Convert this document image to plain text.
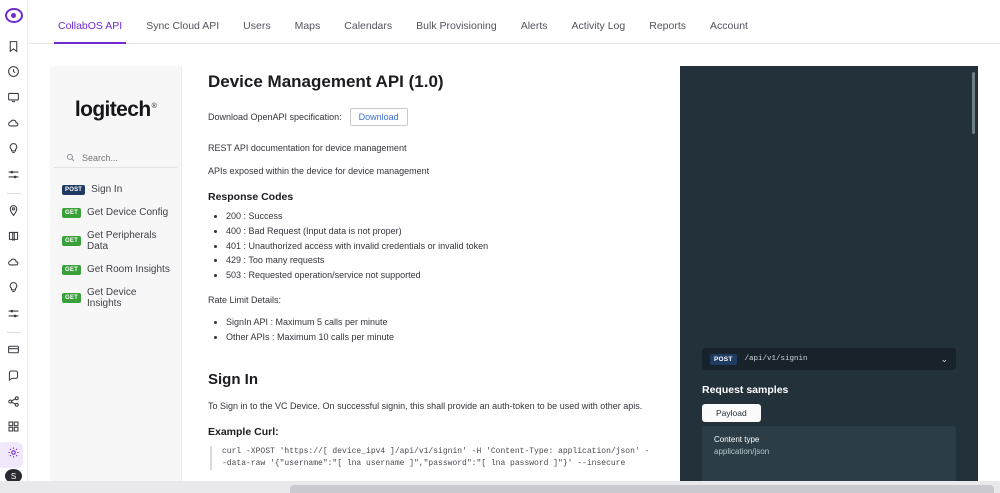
S
CollabOS API	Sync Cloud API	Users	Maps	Calendars	Bulk Provisioning	Alerts	Activity Log	Reports	Account
logitech®
Search...
POST Sign In
GET Get Device Config
GET Get Peripherals Data
GET Get Room Insights
GET Get Device Insights
Device Management API (1.0)
Download OpenAPI specification:	Download

REST API documentation for device management

APIs exposed within the device for device management

Response Codes
• 200 : Success
• 400 : Bad Request (Input data is not proper)
• 401 : Unauthorized access with invalid credentials or invalid token
• 429 : Too many requests
• 503 : Requested operation/service not supported

Rate Limit Details:

• SignIn API : Maximum 5 calls per minute
• Other APIs : Maximum 10 calls per minute
Sign In

To Sign in to the VC Device. On successful signin, this shall provide an auth-token to be used with other apis.

Example Curl:
curl -XPOST 'https://[ device_ipv4 ]/api/v1/signin' -H 'Content-Type: application/json' --data-raw '{"username":"[ lna username ]","password":"[ lna password ]"}' --insecure
POST	/api/v1/signin	⌄
Request samples
Payload
Content type
application/json
